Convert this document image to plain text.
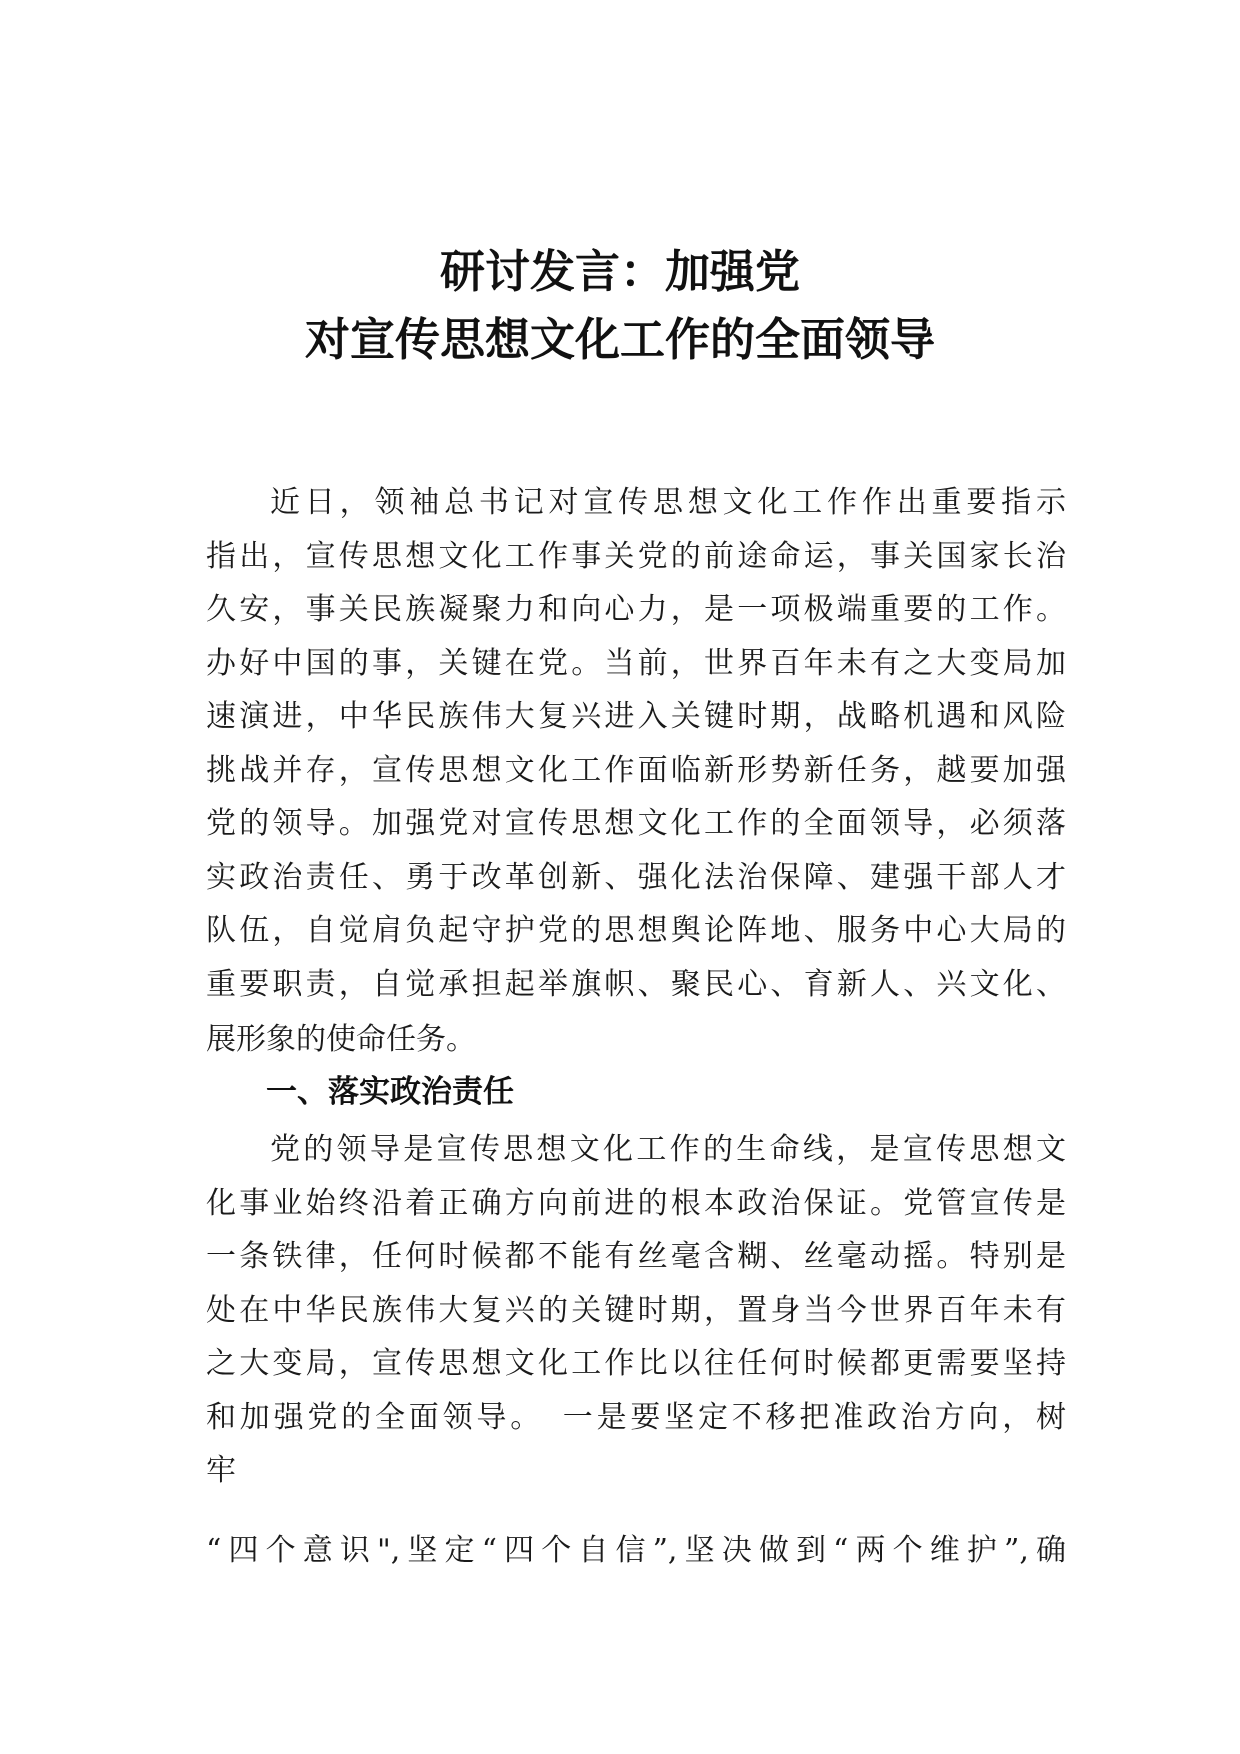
研讨发言：加强党
对宣传思想文化工作的全面领导
近日，领袖总书记对宣传思想文化工作作出重要指示
指出，宣传思想文化工作事关党的前途命运，事关国家长治
久安，事关民族凝聚力和向心力，是一项极端重要的工作。
办好中国的事，关键在党。当前，世界百年未有之大变局加
速演进，中华民族伟大复兴进入关键时期，战略机遇和风险
挑战并存，宣传思想文化工作面临新形势新任务，越要加强
党的领导。加强党对宣传思想文化工作的全面领导，必须落
实政治责任、勇于改革创新、强化法治保障、建强干部人才
队伍，自觉肩负起守护党的思想舆论阵地、服务中心大局的
重要职责，自觉承担起举旗帜、聚民心、育新人、兴文化、
展形象的使命任务。
一、落实政治责任
党的领导是宣传思想文化工作的生命线，是宣传思想文
化事业始终沿着正确方向前进的根本政治保证。党管宣传是
一条铁律，任何时候都不能有丝毫含糊、丝毫动摇。特别是
处在中华民族伟大复兴的关键时期，置身当今世界百年未有
之大变局，宣传思想文化工作比以往任何时候都更需要坚持
和加强党的全面领导。　一是要坚定不移把准政治方向，树
牢
“四个意识",坚定“四个自信”,坚决做到“两个维护”,确
